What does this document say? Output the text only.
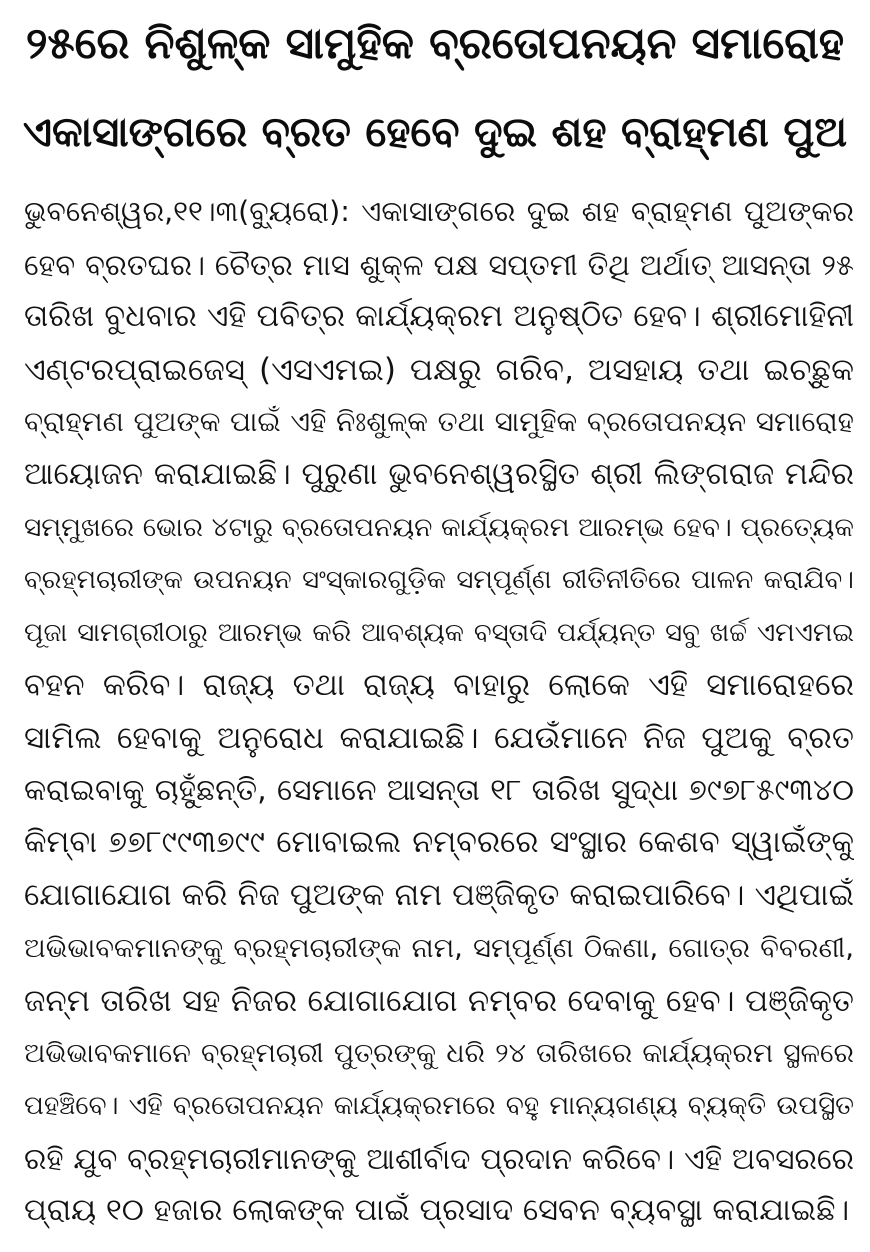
୨୫ରେ ନିଶୁଳ୍କ ସାମୁହିକ ବ୍ରତୋପନୟନ ସମାରୋହ
ଏକାସାଙ୍ଗରେ ବ୍ରତ ହେବେ ଦୁଇ ଶହ ବ୍ରାହ୍ମଣ ପୁଅ
ଭୁବନେଶ୍ୱର,୧୧।୩(ବ୍ୟୁରୋ): ଏକାସାଙ୍ଗରେ ଦୁଇ ଶହ ବ୍ରାହ୍ମଣ ପୁଅଙ୍କର
ହେବ ବ୍ରତଘର। ଚୈତ୍ର ମାସ ଶୁକ୍ଳ ପକ୍ଷ ସପ୍ତମୀ ତିଥି ଅର୍ଥାତ୍ ଆସନ୍ତା ୨୫
ତାରିଖ ବୁଧବାର ଏହି ପବିତ୍ର କାର୍ଯ୍ୟକ୍ରମ ଅନୁଷ୍ଠିତ ହେବ। ଶ୍ରୀମୋହିନୀ
ଏଣ୍ଟରପ୍ରାଇଜେସ୍ (ଏସଏମଇ) ପକ୍ଷରୁ ଗରିବ, ଅସହାୟ ତଥା ଇଚ୍ଛୁକ
ବ୍ରାହ୍ମଣ ପୁଅଙ୍କ ପାଇଁ ଏହି ନିଃଶୁଳ୍କ ତଥା ସାମୁହିକ ବ୍ରତୋପନୟନ ସମାରୋହ
ଆୟୋଜନ କରାଯାଇଛି। ପୁରୁଣା ଭୁବନେଶ୍ୱରସ୍ଥିତ ଶ୍ରୀ ଲିଙ୍ଗରାଜ ମନ୍ଦିର
ସମ୍ମୁଖରେ ଭୋର ୪ଟାରୁ ବ୍ରତୋପନୟନ କାର୍ଯ୍ୟକ୍ରମ ଆରମ୍ଭ ହେବ। ପ୍ରତ୍ୟେକ
ବ୍ରହ୍ମଚାରୀଙ୍କ ଉପନୟନ ସଂସ୍କାରଗୁଡ଼ିକ ସମ୍ପୂର୍ଣ୍ଣ ରୀତିନୀତିରେ ପାଳନ କରାଯିବ।
ପୂଜା ସାମଗ୍ରୀଠାରୁ ଆରମ୍ଭ କରି ଆବଶ୍ୟକ ବସ୍ତାଦି ପର୍ଯ୍ୟନ୍ତ ସବୁ ଖର୍ଚ୍ଚ ଏମଏମଇ
ବହନ କରିବ। ରାଜ୍ୟ ତଥା ରାଜ୍ୟ ବାହାରୁ ଲୋକେ ଏହି ସମାରୋହରେ
ସାମିଲ ହେବାକୁ ଅନୁରୋଧ କରାଯାଇଛି। ଯେଉଁମାନେ ନିଜ ପୁଅକୁ ବ୍ରତ
କରାଇବାକୁ ଚାହୁଁଛନ୍ତି, ସେମାନେ ଆସନ୍ତା ୧୮ ତାରିଖ ସୁଦ୍ଧା ୭୯୭୮୫୯୩୪୦
କିମ୍ବା ୭୭୮୯୯୩୭୯୯ ମୋବାଇଲ ନମ୍ବରରେ ସଂସ୍ଥାର କେଶବ ସ୍ୱାଇଁଙ୍କୁ
ଯୋଗାଯୋଗ କରି ନିଜ ପୁଅଙ୍କ ନାମ ପଞ୍ଜିକୃତ କରାଇପାରିବେ। ଏଥିପାଇଁ
ଅଭିଭାବକମାନଙ୍କୁ ବ୍ରହ୍ମଚାରୀଙ୍କ ନାମ, ସମ୍ପୂର୍ଣ୍ଣ ଠିକଣା, ଗୋତ୍ର ବିବରଣୀ,
ଜନ୍ମ ତାରିଖ ସହ ନିଜର ଯୋଗାଯୋଗ ନମ୍ବର ଦେବାକୁ ହେବ। ପଞ୍ଜିକୃତ
ଅଭିଭାବକମାନେ ବ୍ରହ୍ମଚାରୀ ପୁତ୍ରଙ୍କୁ ଧରି ୨୪ ତାରିଖରେ କାର୍ଯ୍ୟକ୍ରମ ସ୍ଥଳରେ
ପହଞ୍ଚିବେ। ଏହି ବ୍ରତୋପନୟନ କାର୍ଯ୍ୟକ୍ରମରେ ବହୁ ମାନ୍ୟଗଣ୍ୟ ବ୍ୟକ୍ତି ଉପସ୍ଥିତ
ରହି ଯୁବ ବ୍ରହ୍ମଚାରୀମାନଙ୍କୁ ଆଶୀର୍ବାଦ ପ୍ରଦାନ କରିବେ। ଏହି ଅବସରରେ
ପ୍ରାୟ ୧୦ ହଜାର ଲୋକଙ୍କ ପାଇଁ ପ୍ରସାଦ ସେବନ ବ୍ୟବସ୍ଥା କରାଯାଇଛି।
